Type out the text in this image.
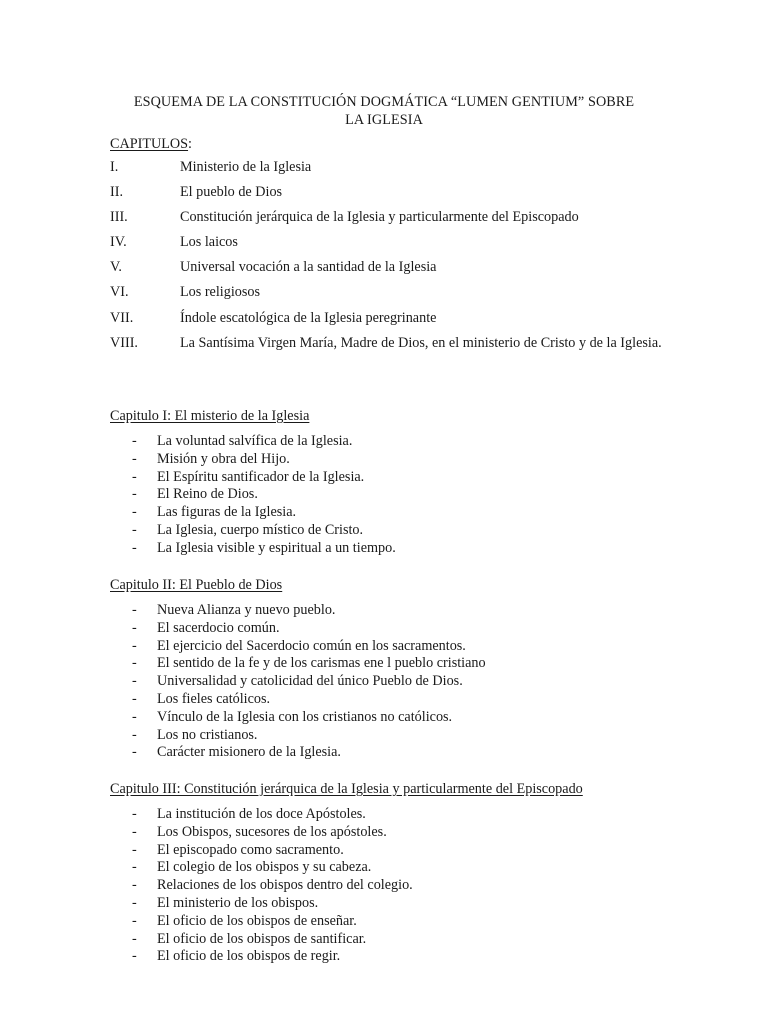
ESQUEMA DE LA CONSTITUCIÓN DOGMÁTICA “LUMEN GENTIUM” SOBRE
LA IGLESIA
CAPITULOS:
I.	Ministerio de la Iglesia
II.	El pueblo de Dios
III.	Constitución jerárquica de la Iglesia y particularmente del Episcopado
IV.	Los laicos
V.	Universal vocación a la santidad de la Iglesia
VI.	Los religiosos
VII.	Índole escatológica de la Iglesia peregrinante
VIII.	La Santísima Virgen María, Madre de Dios, en el ministerio de Cristo y de la Iglesia.
Capitulo I: El misterio de la Iglesia
-	La voluntad salvífica de la Iglesia.
-	Misión y obra del Hijo.
-	El Espíritu santificador de la Iglesia.
-	El Reino de Dios.
-	Las figuras de la Iglesia.
-	La Iglesia, cuerpo místico de Cristo.
-	La Iglesia visible y espiritual a un tiempo.
Capitulo II: El Pueblo de Dios
-	Nueva Alianza y nuevo pueblo.
-	El sacerdocio común.
-	El ejercicio del Sacerdocio común en los sacramentos.
-	El sentido de la fe y de los carismas ene l pueblo cristiano
-	Universalidad y catolicidad del único Pueblo de Dios.
-	Los fieles católicos.
-	Vínculo de la Iglesia con los cristianos no católicos.
-	Los no cristianos.
-	Carácter misionero de la Iglesia.
Capitulo III: Constitución jerárquica de la Iglesia y particularmente del Episcopado
-	La institución de los doce Apóstoles.
-	Los Obispos, sucesores de los apóstoles.
-	El episcopado como sacramento.
-	El colegio de los obispos y su cabeza.
-	Relaciones de los obispos dentro del colegio.
-	El ministerio de los obispos.
-	El oficio de los obispos de enseñar.
-	El oficio de los obispos de santificar.
-	El oficio de los obispos de regir.
